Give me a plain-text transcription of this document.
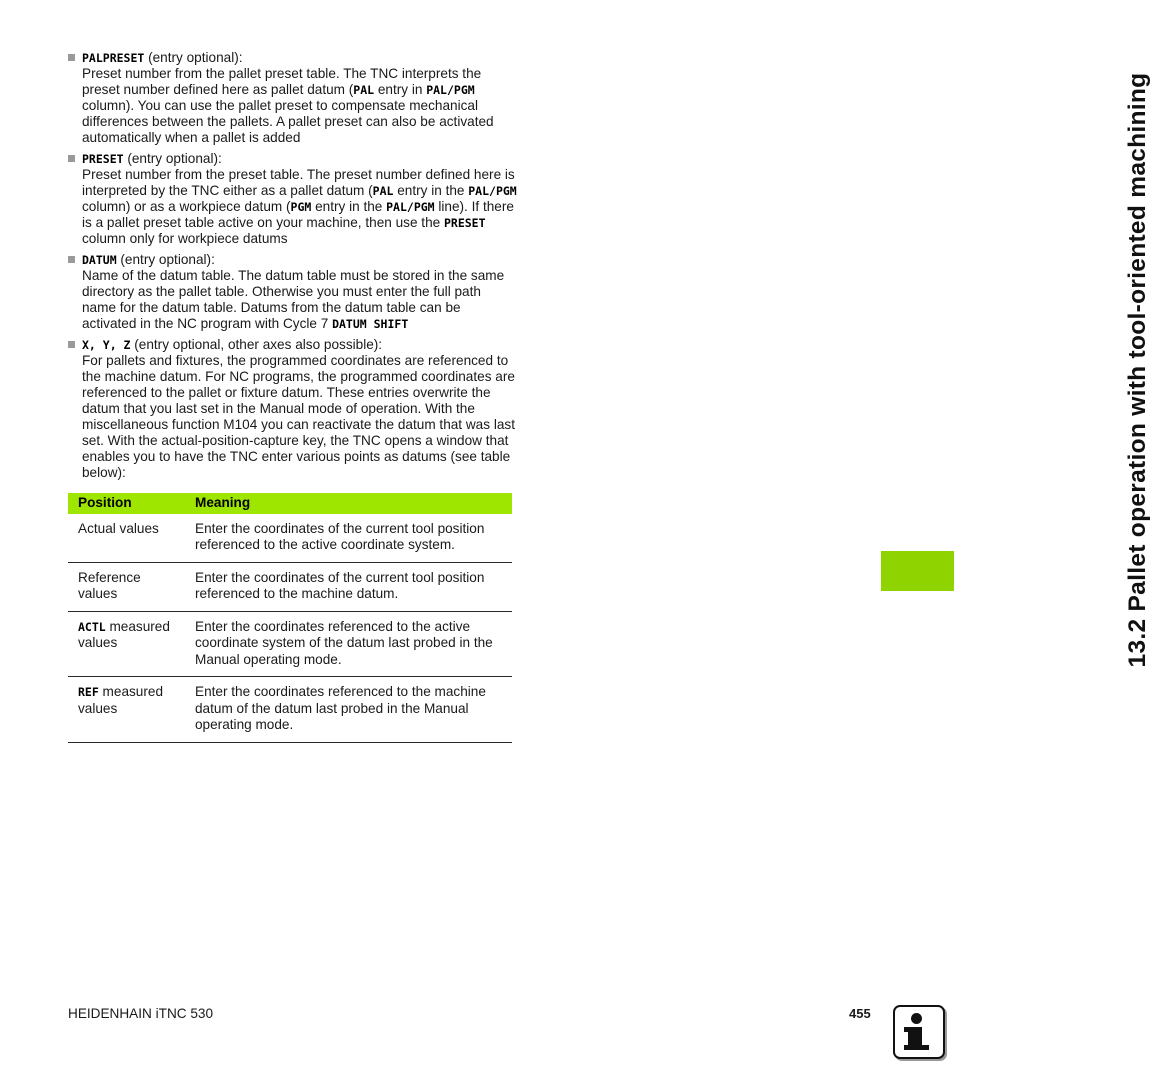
PALPRESET (entry optional):
Preset number from the pallet preset table. The TNC interprets the preset number defined here as pallet datum (PAL entry in PAL/PGM column). You can use the pallet preset to compensate mechanical differences between the pallets. A pallet preset can also be activated automatically when a pallet is added
PRESET (entry optional):
Preset number from the preset table. The preset number defined here is interpreted by the TNC either as a pallet datum (PAL entry in the PAL/PGM column) or as a workpiece datum (PGM entry in the PAL/PGM line). If there is a pallet preset table active on your machine, then use the PRESET column only for workpiece datums
DATUM (entry optional):
Name of the datum table. The datum table must be stored in the same directory as the pallet table. Otherwise you must enter the full path name for the datum table. Datums from the datum table can be activated in the NC program with Cycle 7 DATUM SHIFT
X, Y, Z (entry optional, other axes also possible):
For pallets and fixtures, the programmed coordinates are referenced to the machine datum. For NC programs, the programmed coordinates are referenced to the pallet or fixture datum. These entries overwrite the datum that you last set in the Manual mode of operation. With the miscellaneous function M104 you can reactivate the datum that was last set. With the actual-position-capture key, the TNC opens a window that enables you to have the TNC enter various points as datums (see table below):
Position	Meaning
Actual values	Enter the coordinates of the current tool position referenced to the active coordinate system.
Reference values	Enter the coordinates of the current tool position referenced to the machine datum.
ACTL measured values	Enter the coordinates referenced to the active coordinate system of the datum last probed in the Manual operating mode.
REF measured values	Enter the coordinates referenced to the machine datum of the datum last probed in the Manual operating mode.
13.2 Pallet operation with tool-oriented machining
HEIDENHAIN iTNC 530	455
